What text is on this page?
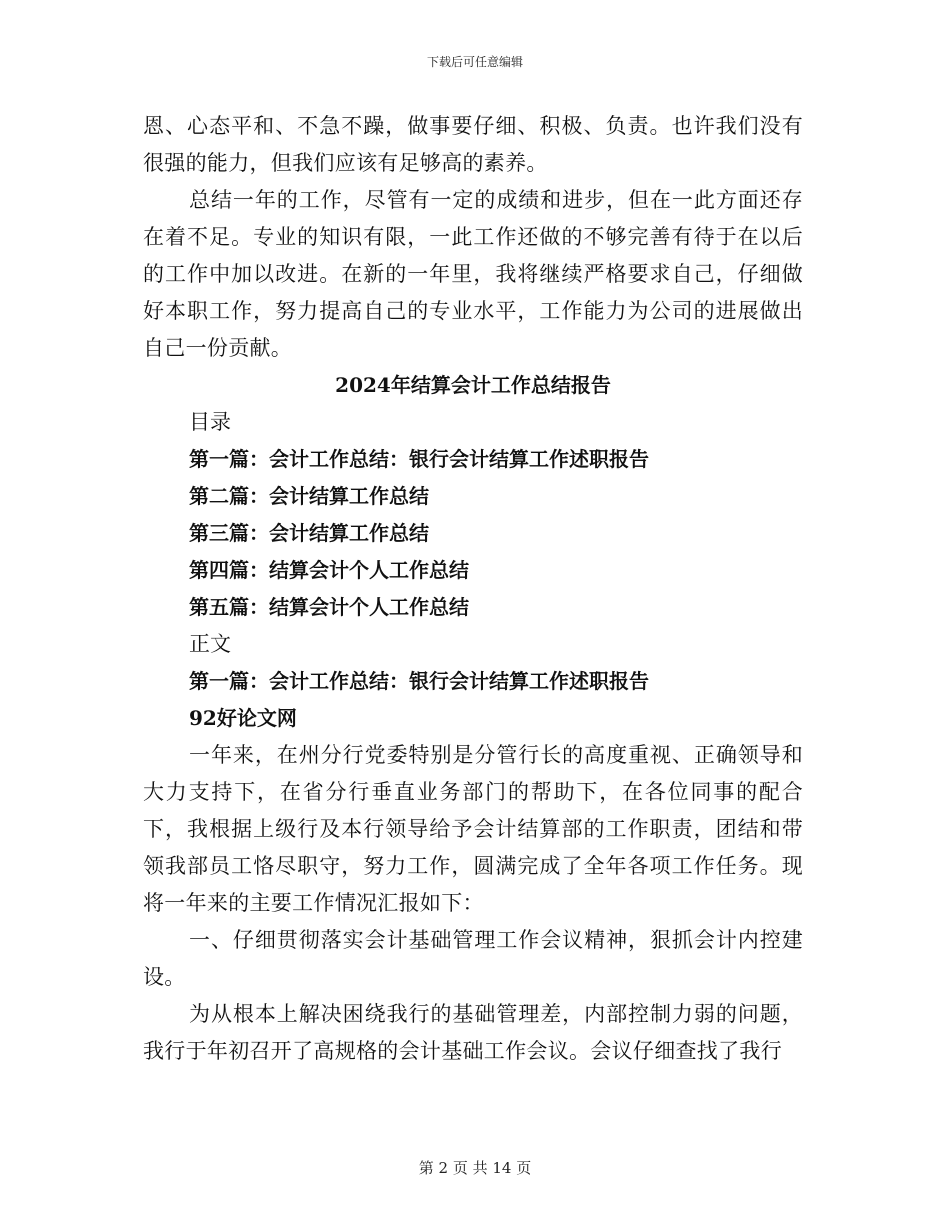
下载后可任意编辑

恩、心态平和、不急不躁，做事要仔细、积极、负责。也许我们没有很强的能力，但我们应该有足够高的素养。

总结一年的工作，尽管有一定的成绩和进步，但在一此方面还存在着不足。专业的知识有限，一此工作还做的不够完善有待于在以后的工作中加以改进。在新的一年里，我将继续严格要求自己，仔细做好本职工作，努力提高自己的专业水平，工作能力为公司的进展做出自己一份贡献。

2024年结算会计工作总结报告

目录

第一篇：会计工作总结：银行会计结算工作述职报告

第二篇：会计结算工作总结

第三篇：会计结算工作总结

第四篇：结算会计个人工作总结

第五篇：结算会计个人工作总结

正文

第一篇：会计工作总结：银行会计结算工作述职报告

92好论文网

一年来，在州分行党委特别是分管行长的高度重视、正确领导和大力支持下，在省分行垂直业务部门的帮助下，在各位同事的配合下，我根据上级行及本行领导给予会计结算部的工作职责，团结和带领我部员工恪尽职守，努力工作，圆满完成了全年各项工作任务。现将一年来的主要工作情况汇报如下：

一、仔细贯彻落实会计基础管理工作会议精神，狠抓会计内控建设。

为从根本上解决困绕我行的基础管理差，内部控制力弱的问题，我行于年初召开了高规格的会计基础工作会议。会议仔细查找了我行

第 2 页 共 14 页
